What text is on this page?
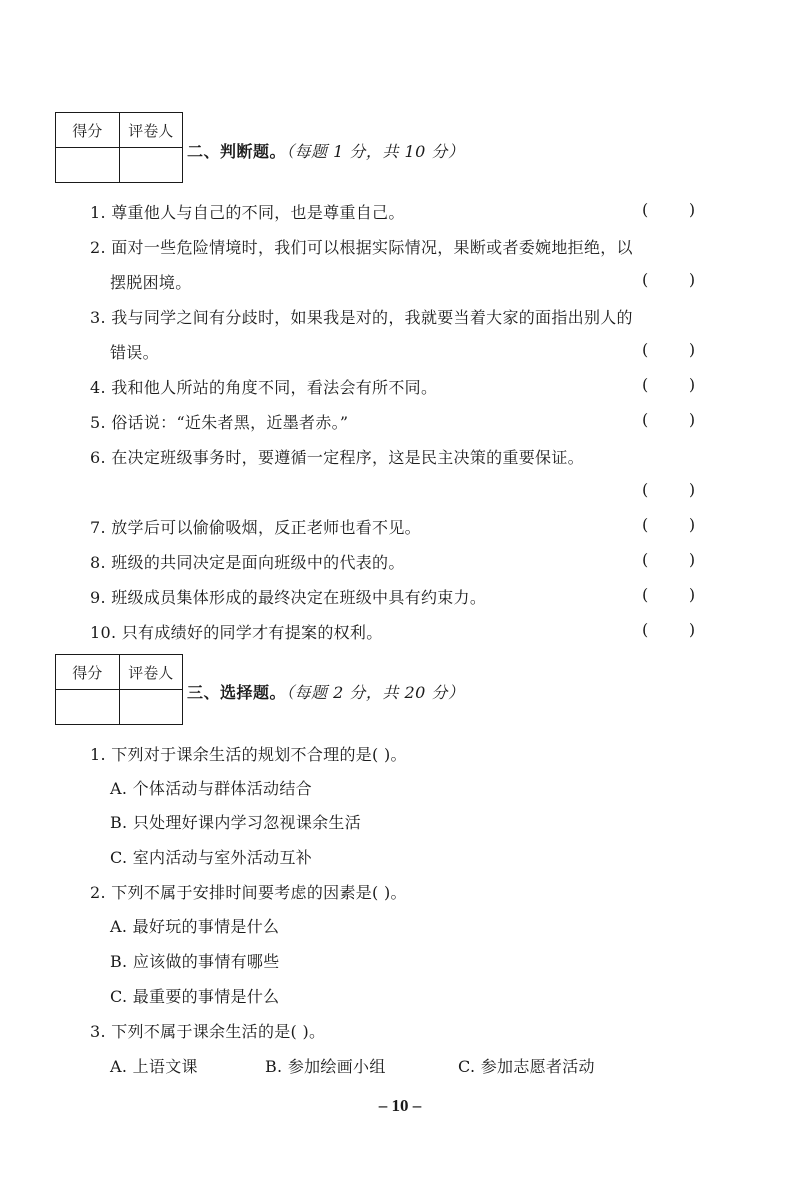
得分	评卷人

二、判断题。（每题 1 分，共 10 分）
1. 尊重他人与自己的不同，也是尊重自己。	(        )
2. 面对一些危险情境时，我们可以根据实际情况，果断或者委婉地拒绝，以
摆脱困境。	(        )
3. 我与同学之间有分歧时，如果我是对的，我就要当着大家的面指出别人的
错误。	(        )
4. 我和他人所站的角度不同，看法会有所不同。	(        )
5. 俗话说：“近朱者黑，近墨者赤。”	(        )
6. 在决定班级事务时，要遵循一定程序，这是民主决策的重要保证。
(        )
7. 放学后可以偷偷吸烟，反正老师也看不见。	(        )
8. 班级的共同决定是面向班级中的代表的。	(        )
9. 班级成员集体形成的最终决定在班级中具有约束力。	(        )
10. 只有成绩好的同学才有提案的权利。	(        )
得分	评卷人

三、选择题。（每题 2 分，共 20 分）
1. 下列对于课余生活的规划不合理的是( )。
A. 个体活动与群体活动结合
B. 只处理好课内学习忽视课余生活
C. 室内活动与室外活动互补
2. 下列不属于安排时间要考虑的因素是( )。
A. 最好玩的事情是什么
B. 应该做的事情有哪些
C. 最重要的事情是什么
3. 下列不属于课余生活的是( )。
A. 上语文课	B. 参加绘画小组	C. 参加志愿者活动
– 10 –
